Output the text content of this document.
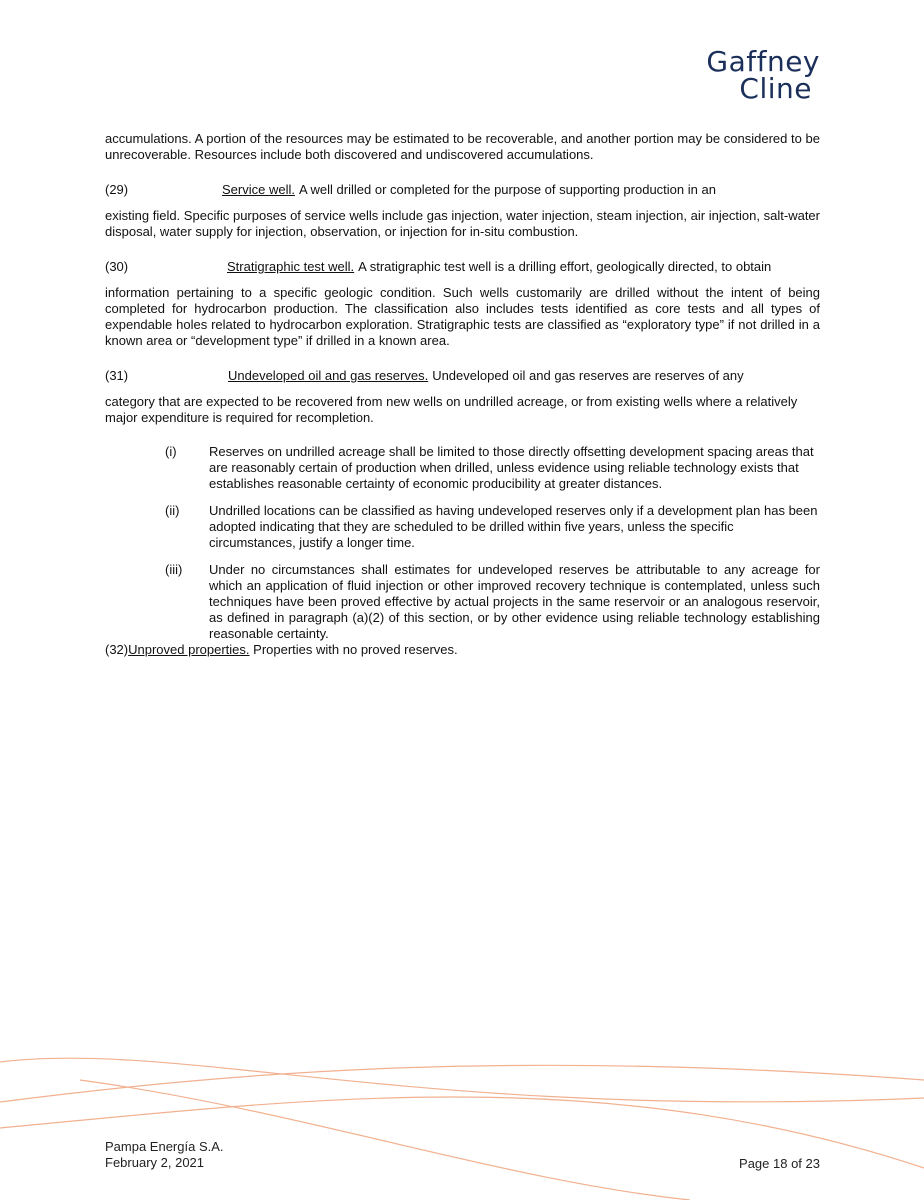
Gaffney
Cline

accumulations. A portion of the resources may be estimated to be recoverable, and another portion may be considered to be unrecoverable. Resources include both discovered and undiscovered accumulations.

(29)	Service well. A well drilled or completed for the purpose of supporting production in an

existing field. Specific purposes of service wells include gas injection, water injection, steam injection, air injection, salt-water disposal, water supply for injection, observation, or injection for in-situ combustion.

(30)	Stratigraphic test well. A stratigraphic test well is a drilling effort, geologically directed, to obtain

information pertaining to a specific geologic condition. Such wells customarily are drilled without the intent of being completed for hydrocarbon production. The classification also includes tests identified as core tests and all types of expendable holes related to hydrocarbon exploration. Stratigraphic tests are classified as “exploratory type” if not drilled in a known area or “development type” if drilled in a known area.

(31)	Undeveloped oil and gas reserves. Undeveloped oil and gas reserves are reserves of any

category that are expected to be recovered from new wells on undrilled acreage, or from existing wells where a relatively major expenditure is required for recompletion.

(i)	Reserves on undrilled acreage shall be limited to those directly offsetting development spacing areas that are reasonably certain of production when drilled, unless evidence using reliable technology exists that establishes reasonable certainty of economic producibility at greater distances.
(ii)	Undrilled locations can be classified as having undeveloped reserves only if a development plan has been adopted indicating that they are scheduled to be drilled within five years, unless the specific circumstances, justify a longer time.
(iii)	Under no circumstances shall estimates for undeveloped reserves be attributable to any acreage for which an application of fluid injection or other improved recovery technique is contemplated, unless such techniques have been proved effective by actual projects in the same reservoir or an analogous reservoir, as defined in paragraph (a)(2) of this section, or by other evidence using reliable technology establishing reasonable certainty.

(32)Unproved properties. Properties with no proved reserves.

Pampa Energía S.A.
February 2, 2021	Page 18 of 23
